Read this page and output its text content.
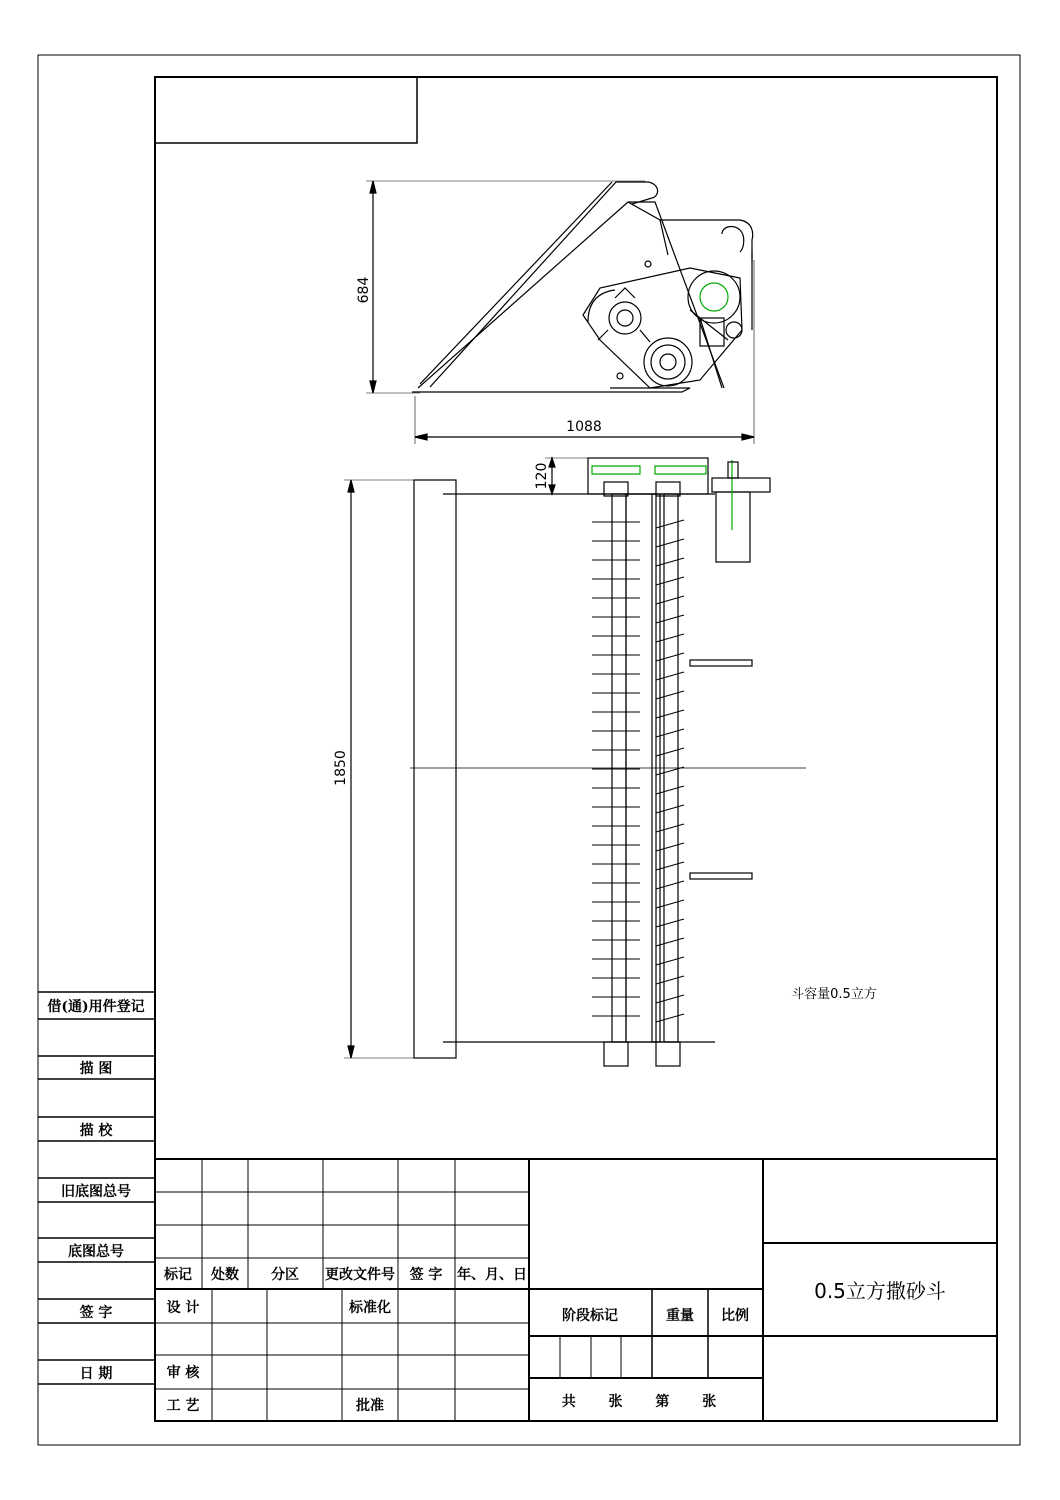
借(通)用件登记
描 图
描 校
旧底图总号
底图总号
签 字
日 期
标记 处数 分区 更改文件号 签 字 年、月、日
设 计	标准化
审 核
工 艺	批准
阶段标记	重量 比例
共 张 第 张
0.5立方撒砂斗
684
1088
120
1850
斗容量0.5立方
